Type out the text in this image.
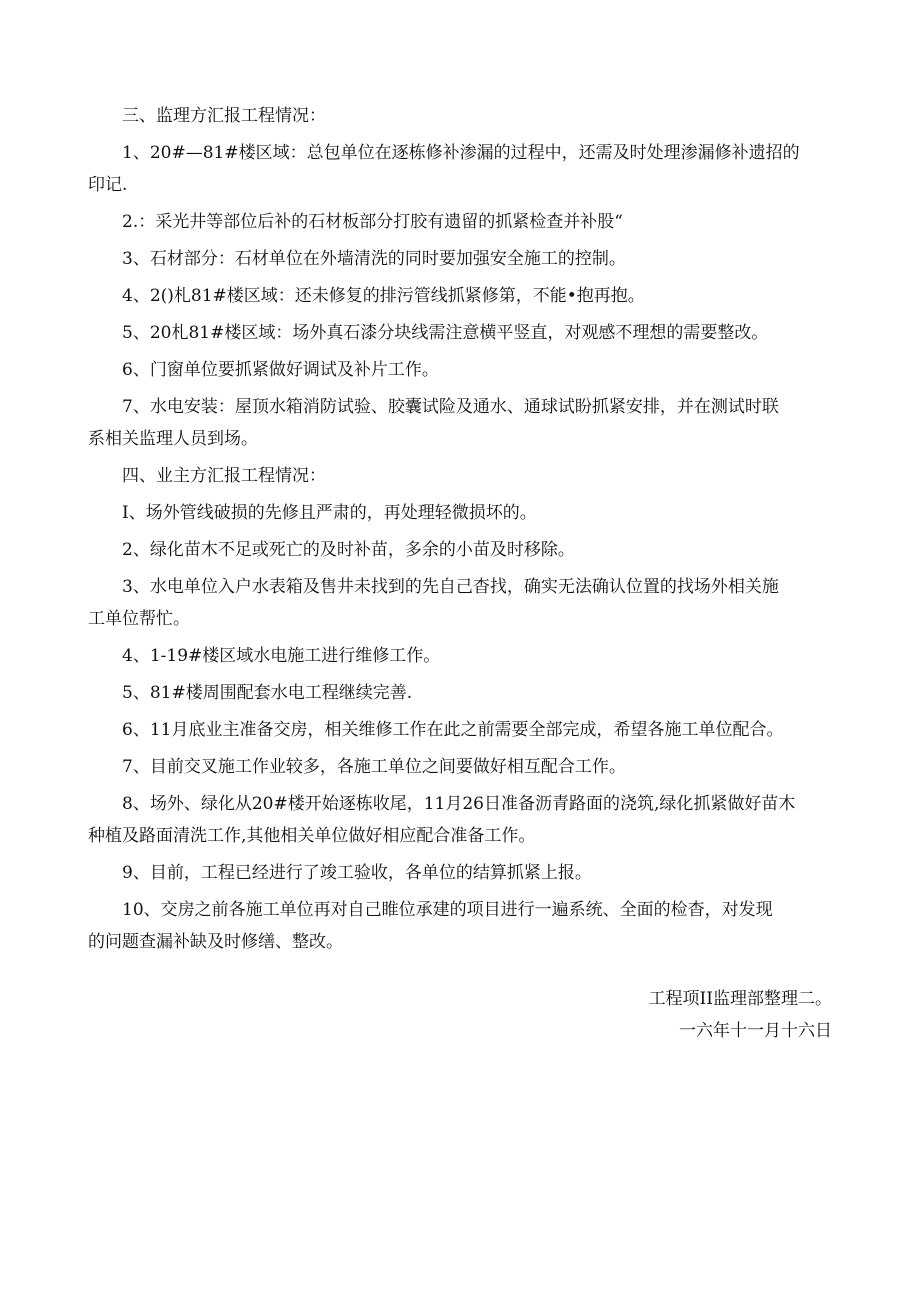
三、监理方汇报工程情况：
1、20#—81#楼区域：总包单位在逐栋修补渗漏的过程中，还需及时处理渗漏修补遗招的
印记.
2.：采光井等部位后补的石材板部分打胶有遗留的抓紧检查并补股“
3、石材部分：石材单位在外墙清洗的同时要加强安全施工的控制。
4、2()札81#楼区域：还未修复的排污管线抓紧修第，不能•抱再抱。
5、20札81#楼区域：场外真石漆分块线需注意横平竖直，对观感不理想的需要整改。
6、门窗单位要抓紧做好调试及补片工作。
7、水电安装：屋顶水箱消防试验、胶囊试险及通水、通球试盼抓紧安排，并在测试时联
系相关监理人员到场。
四、业主方汇报工程情况：
I、场外管线破损的先修且严肃的，再处理轻微损坏的。
2、绿化苗木不足或死亡的及时补苗，多余的小苗及时移除。
3、水电单位入户水表箱及售井未找到的先自己杳找，确实无法确认位置的找场外相关施
工单位帮忙。
4、1-19#楼区域水电施工进行维修工作。
5、81#楼周围配套水电工程继续完善.
6、11月底业主准备交房，相关维修工作在此之前需要全部完成，希望各施工单位配合。
7、目前交叉施工作业较多，各施工单位之间要做好相互配合工作。
8、场外、绿化从20#楼开始逐栋收尾，11月26日准备沥青路面的浇筑,绿化抓紧做好苗木
种植及路面清洗工作,其他相关单位做好相应配合准备工作。
9、目前，工程已经进行了竣工验收，各单位的结算抓紧上报。
10、交房之前各施工单位再对自己睢位承建的项目进行一遍系统、全面的检杳，对发现
的问题查漏补缺及时修缮、整改。
工程项II监理部整理二。
一六年十一月十六日
